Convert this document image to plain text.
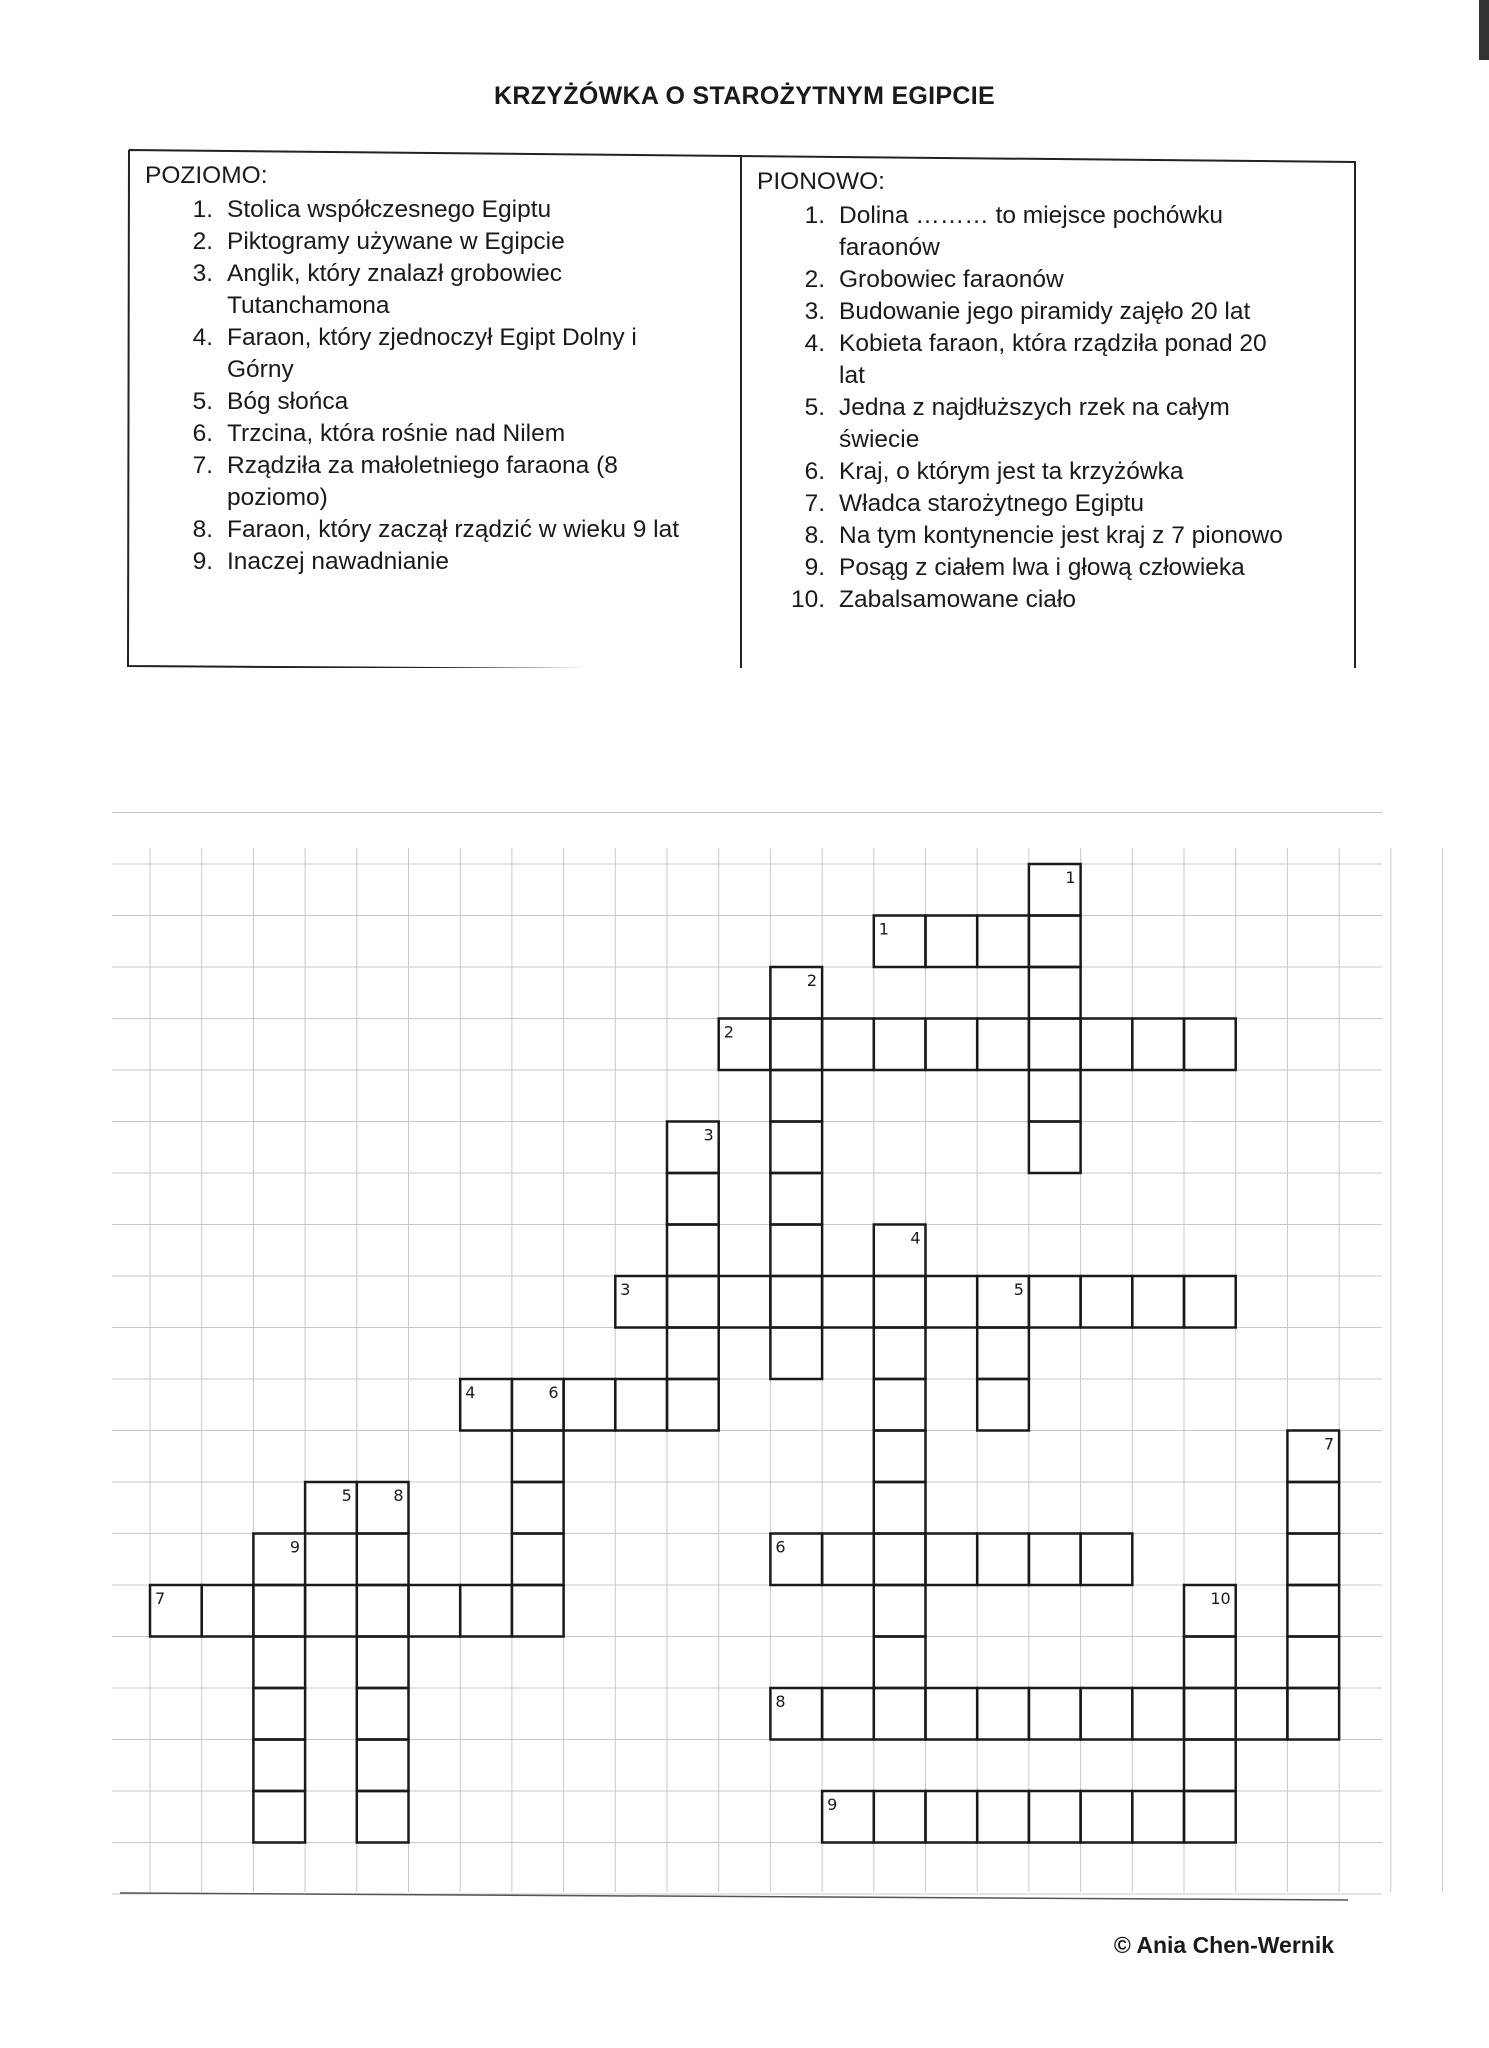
KRZYŻÓWKA O STAROŻYTNYM EGIPCIE
POZIOMO:
1. Stolica współczesnego Egiptu
2. Piktogramy używane w Egipcie
3. Anglik, który znalazł grobowiec
Tutanchamona
4. Faraon, który zjednoczył Egipt Dolny i
Górny
5. Bóg słońca
6. Trzcina, która rośnie nad Nilem
7. Rządziła za małoletniego faraona (8
poziomo)
8. Faraon, który zaczął rządzić w wieku 9 lat
9. Inaczej nawadnianie
PIONOWO:
1. Dolina ……… to miejsce pochówku
faraonów
2. Grobowiec faraonów
3. Budowanie jego piramidy zajęło 20 lat
4. Kobieta faraon, która rządziła ponad 20
lat
5. Jedna z najdłuższych rzek na całym
świecie
6. Kraj, o którym jest ta krzyżówka
7. Władca starożytnego Egiptu
8. Na tym kontynencie jest kraj z 7 pionowo
9. Posąg z ciałem lwa i głową człowieka
10. Zabalsamowane ciało
1
2
3
4
6
7
8
9
1
2
3
4
5
6
7
8
9
10
5
© Ania Chen-Wernik
